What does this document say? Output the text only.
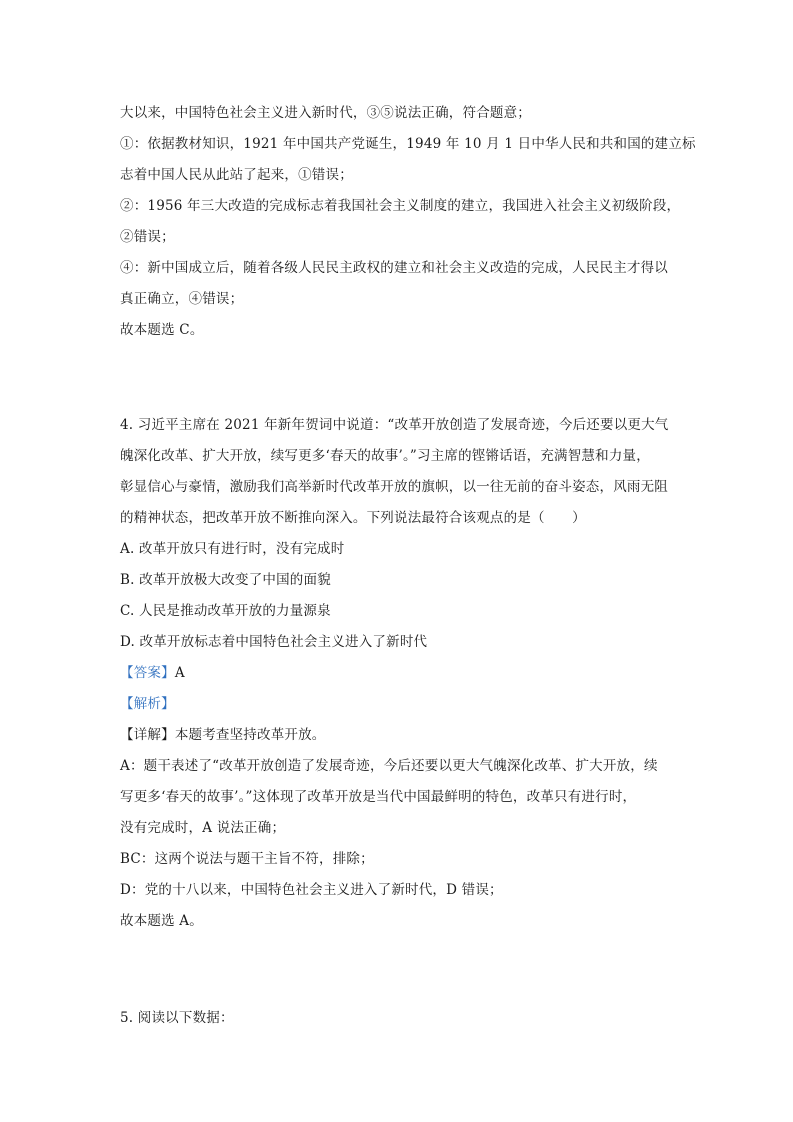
大以来，中国特色社会主义进入新时代，③⑤说法正确，符合题意；
①：依据教材知识，1921 年中国共产党诞生，1949 年 10 月 1 日中华人民和共和国的建立标
志着中国人民从此站了起来，①错误；
②：1956 年三大改造的完成标志着我国社会主义制度的建立，我国进入社会主义初级阶段，
②错误；
④：新中国成立后，随着各级人民民主政权的建立和社会主义改造的完成，人民民主才得以
真正确立，④错误；
故本题选 C。
4. 习近平主席在 2021 年新年贺词中说道：“改革开放创造了发展奇迹，今后还要以更大气
魄深化改革、扩大开放，续写更多‘春天的故事’。”习主席的铿锵话语，充满智慧和力量，
彰显信心与豪情，激励我们高举新时代改革开放的旗帜，以一往无前的奋斗姿态，风雨无阻
的精神状态，把改革开放不断推向深入。下列说法最符合该观点的是（　　）
A. 改革开放只有进行时，没有完成时
B. 改革开放极大改变了中国的面貌
C. 人民是推动改革开放的力量源泉
D. 改革开放标志着中国特色社会主义进入了新时代
【答案】A
【解析】
【详解】本题考查坚持改革开放。
A：题干表述了“改革开放创造了发展奇迹，今后还要以更大气魄深化改革、扩大开放，续
写更多‘春天的故事’。”这体现了改革开放是当代中国最鲜明的特色，改革只有进行时，
没有完成时，A 说法正确；
BC：这两个说法与题干主旨不符，排除；
D：党的十八以来，中国特色社会主义进入了新时代，D 错误；
故本题选 A。
5. 阅读以下数据：
